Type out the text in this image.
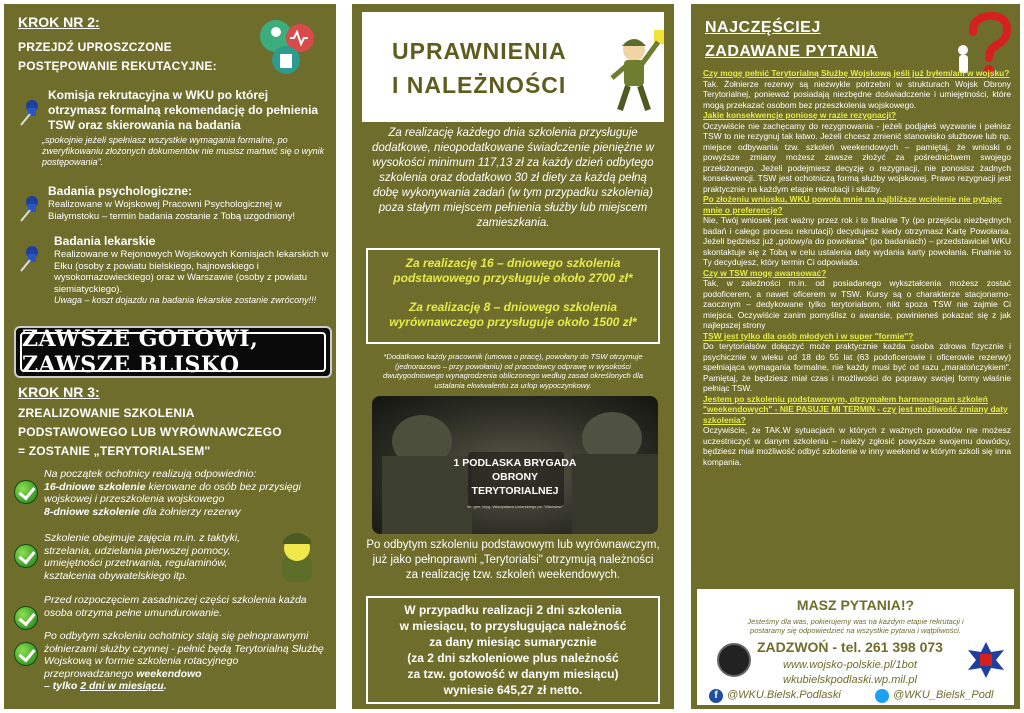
KROK NR 2:
PRZEJDŹ UPROSZCZONE
POSTĘPOWANIE REKUTACYJNE:
Komisja rekrutacyjna w WKU po której otrzymasz formalną rekomendację do pełnienia TSW oraz skierowania na badania
„spokojnie jeżeli spełniasz wszystkie wymagania formalne, po zweryfikowaniu złożonych dokumentów nie musisz martwić się o wynik postępowania".
Badania psychologiczne:
Realizowane w Wojskowej Pracowni Psychologicznej w Białymstoku – termin badania zostanie z Tobą uzgodniony!
Badania lekarskie
Realizowane w Rejonowych Wojskowych Komisjach lekarskich w Ełku (osoby z powiatu bielskiego, hajnowskiego i wysokomazowieckiego) oraz w Warszawie (osoby z powiatu siemiatyckiego).
Uwaga – koszt dojazdu na badania lekarskie zostanie zwrócony!!!
ZAWSZE GOTOWI, ZAWSZE BLISKO
KROK NR 3:
ZREALIZOWANIE SZKOLENIA
PODSTAWOWEGO LUB WYRÓWNAWCZEGO
= ZOSTANIE „TERYTORIALSEM"
Na początek ochotnicy realizują odpowiednio:
16-dniowe szkolenie kierowane do osób bez przysięgi wojskowej i przeszkolenia wojskowego
8-dniowe szkolenie dla żołnierzy rezerwy
Szkolenie obejmuje zajęcia m.in. z taktyki, strzelania, udzielania pierwszej pomocy, umiejętności przetrwania, regulaminów, kształcenia obywatelskiego itp.
Przed rozpoczęciem zasadniczej części szkolenia każda osoba otrzyma pełne umundurowanie.
Po odbytym szkoleniu ochotnicy stają się pełnoprawnymi żołnierzami służby czynnej - pełnić będą Terytorialną Służbę Wojskową w formie szkolenia rotacyjnego przeprowadzanego weekendowo
– tylko 2 dni w miesiącu.
UPRAWNIENIA
I NALEŻNOŚCI
Za realizację każdego dnia szkolenia przysługuje dodatkowe, nieopodatkowane świadczenie pieniężne w wysokości minimum 117,13 zł za każdy dzień odbytego szkolenia oraz dodatkowo 30 zł diety za każdą pełną dobę wykonywania zadań (w tym przypadku szkolenia) poza stałym miejscem pełnienia służby lub miejscem zamieszkania.
Za realizację 16 – dniowego szkolenia podstawowego przysługuje około 2700 zł*
Za realizację 8 – dniowego szkolenia wyrównawczego przysługuje około 1500 zł*
*Dodatkowo każdy pracownik (umowa o pracę), powołany do TSW otrzymuje (jednorazowo – przy powołaniu) od pracodawcy odprawę w wysokości dwutygodniowego wynagrodzenia obliczonego według zasad określonych dla ustalania ekwiwalentu za urlop wypoczynkowy.
1 PODLASKA BRYGADA
OBRONY
TERYTORIALNEJ
im. gen. bryg. Władysława Liniarskiego ps. "Mścisław"
Po odbytym szkoleniu podstawowym lub wyrównawczym, już jako pełnoprawni „Terytorialsi" otrzymują należności za realizację tzw. szkoleń weekendowych.
W przypadku realizacji 2 dni szkolenia
w miesiącu, to przysługująca należność
za dany miesiąc sumarycznie
(za 2 dni szkoleniowe plus należność
za tzw. gotowość w danym miesiącu)
wyniesie 645,27 zł netto.
NAJCZĘŚCIEJ
ZADAWANE PYTANIA
Czy mogę pełnić Terytorialną Służbę Wojskową jeśli już byłem/am w wojsku?
Tak. Żołnierze rezerwy są niezwykle potrzebni w strukturach Wojsk Obrony Terytorialnej, ponieważ posiadają niezbędne doświadczenie i umiejętności, które mogą przekazać osobom bez przeszkolenia wojskowego.
Jakie konsekwencje poniosę w razie rezygnacji?
Oczywiście nie zachęcamy do rezygnowania - jeżeli podjąłeś wyzwanie i pełnisz TSW to nie rezygnuj tak łatwo. Jeżeli chcesz zmienić stanowisko służbowe lub np. miejsce odbywania tzw. szkoleń weekendowych – pamiętaj, że wnioski o powyższe zmiany możesz zawsze złożyć za pośrednictwem swojego przełożonego. Jeżeli podejmiesz decyzję o rezygnacji, nie ponosisz żadnych konsekwencji. TSW jest ochotniczą formą służby wojskowej. Prawo rezygnacji jest praktycznie na każdym etapie rekrutacji i służby.
Po złożeniu wniosku, WKU powoła mnie na najbliższe wcielenie nie pytając mnie o preferencje?
Nie, Twój wniosek jest ważny przez rok i to finalnie Ty (po przejściu niezbędnych badań i całego procesu rekrutacji) decydujesz kiedy otrzymasz Kartę Powołania. Jeżeli będziesz już „gotowy/a do powołania" (po badaniach) – przedstawiciel WKU skontaktuje się z Tobą w celu ustalenia daty wydania karty powołania. Finalnie to Ty decydujesz, który termin Ci odpowiada.
Czy w TSW mogę awansować?
Tak, w zależności m.in. od posiadanego wykształcenia możesz zostać podoficerem, a nawet oficerem w TSW. Kursy są o charakterze stacjonarno-zaocznym – dedykowane tylko terytorialsom, nikt spoza TSW nie zajmie Ci miejsca. Oczywiście zanim pomyślisz o awansie, powinieneś pokazać się z jak najlepszej strony
TSW jest tylko dla osób młodych i w super "formie"?
Do terytorialsów dołączyć może praktycznie każda osoba zdrowa fizycznie i psychicznie w wieku od 18 do 55 lat (63 podoficerowie i oficerowie rezerwy) spełniająca wymagania formalne, nie każdy musi być od razu „maratończykiem". Pamiętaj, że będziesz miał czas i możliwości do poprawy swojej formy właśnie pełniąc TSW.
Jestem po szkoleniu podstawowym, otrzymałem harmonogram szkoleń "weekendowych" - NIE PASUJE MI TERMIN - czy jest możliwość zmiany daty szkolenia?
Oczywiście, że TAK.W sytuacjach w których z ważnych powodów nie możesz uczestniczyć w danym szkoleniu – należy zgłosić powyższe swojemu dowódcy, będziesz miał możliwość odbyć szkolenie w inny weekend w którym szkoli się inna kompania.
MASZ PYTANIA!?
Jesteśmy dla was, pokierujemy was na każdym etapie rekrutacji i postaramy się odpowiedzieć na wszystkie pytania i wątpliwości.
ZADZWOŃ - tel. 261 398 073
www.wojsko-polskie.pl/1bot
wkubielskpodlaski.wp.mil.pl
f @WKU.Bielsk.Podlaski	@WKU_Bielsk_Podl
